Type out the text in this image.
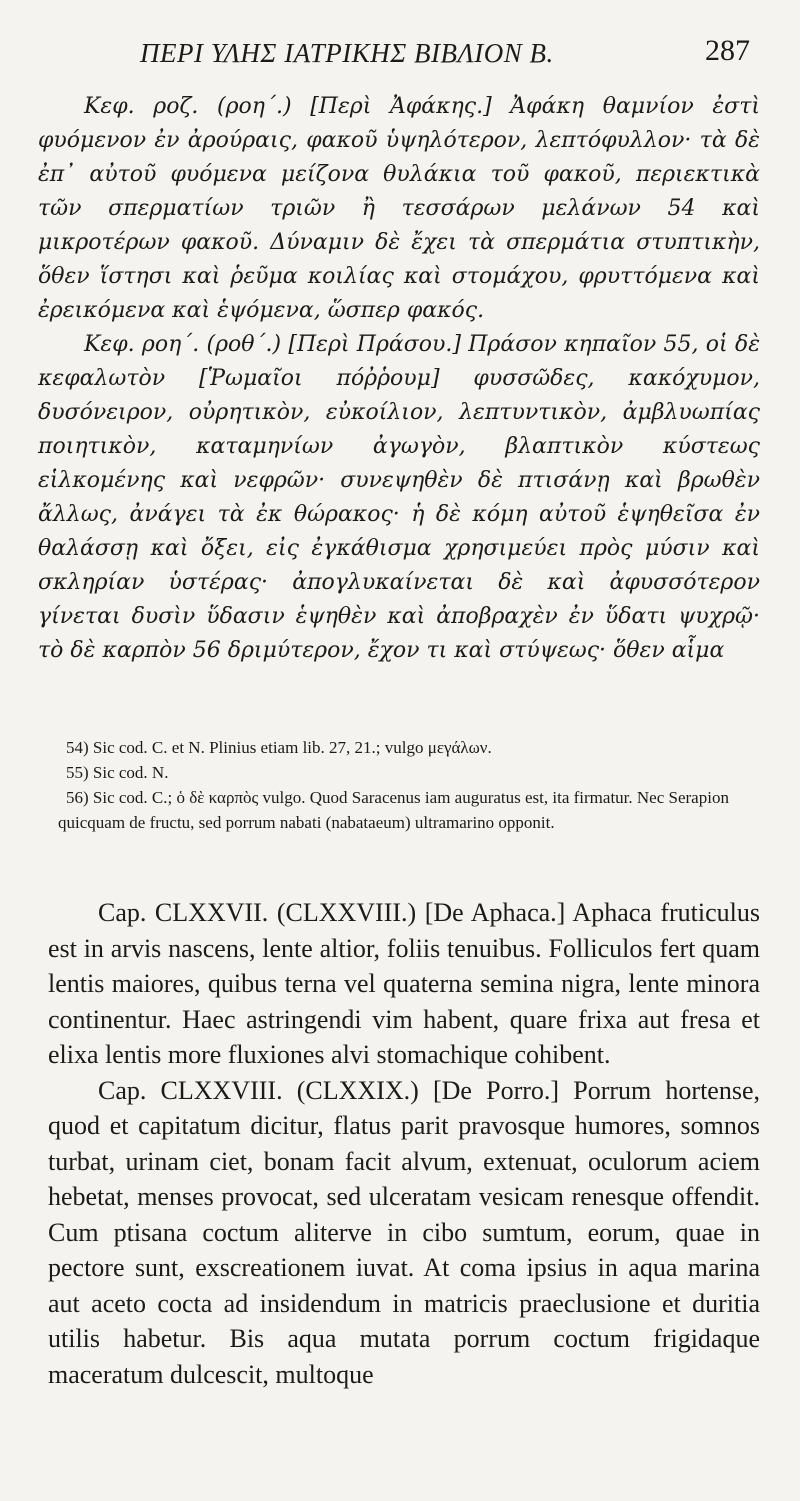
ΠΕΡΙ ΥΛΗΣ ΙΑΤΡΙΚΗΣ ΒΙΒΛΙΟΝ Β.	287

Κεφ. ροζ. (ροη΄.) [Περὶ Ἀφάκης.] Ἀφάκη θαμνίον ἐστὶ φυόμενον ἐν ἀρούραις, φακοῦ ὑψηλότερον, λεπτόφυλλον· τὰ δὲ ἐπ᾽ αὐτοῦ φυόμενα μείζονα θυλάκια τοῦ φακοῦ, περιεκτικὰ τῶν σπερματίων τριῶν ἢ τεσσάρων μελάνων 54 καὶ μικροτέρων φακοῦ. Δύναμιν δὲ ἔχει τὰ σπερμάτια στυπτικὴν, ὅθεν ἵστησι καὶ ῥεῦμα κοιλίας καὶ στομάχου, φρυττόμενα καὶ ἐρεικόμενα καὶ ἑψόμενα, ὥσπερ φακός.

Κεφ. ροη΄. (ροθ΄.) [Περὶ Πράσου.] Πράσον κηπαῖον 55, οἱ δὲ κεφαλωτὸν [Ῥωμαῖοι πόῤῥουμ] φυσσῶδες, κακόχυμον, δυσόνειρον, οὐρητικὸν, εὐκοίλιον, λεπτυντικὸν, ἀμβλυωπίας ποιητικὸν, καταμηνίων ἀγωγὸν, βλαπτικὸν κύστεως εἱλκομένης καὶ νεφρῶν· συνεψηθὲν δὲ πτισάνῃ καὶ βρωθὲν ἄλλως, ἀνάγει τὰ ἐκ θώρακος· ἡ δὲ κόμη αὐτοῦ ἑψηθεῖσα ἐν θαλάσσῃ καὶ ὄξει, εἰς ἐγκάθισμα χρησιμεύει πρὸς μύσιν καὶ σκληρίαν ὑστέρας· ἀπογλυκαίνεται δὲ καὶ ἀφυσσότερον γίνεται δυσὶν ὕδασιν ἑψηθὲν καὶ ἀποβραχὲν ἐν ὕδατι ψυχρῷ· τὸ δὲ καρπὸν 56 δριμύτερον, ἔχον τι καὶ στύψεως· ὅθεν αἷμα

54) Sic cod. C. et N. Plinius etiam lib. 27, 21.; vulgo μεγάλων.

55) Sic cod. N.

56) Sic cod. C.; ὁ δὲ καρπὸς vulgo. Quod Saracenus iam auguratus est, ita firmatur. Nec Serapion quicquam de fructu, sed porrum nabati (nabataeum) ultramarino opponit.

Cap. CLXXVII. (CLXXVIII.) [De Aphaca.] Aphaca fruticulus est in arvis nascens, lente altior, foliis tenuibus. Folliculos fert quam lentis maiores, quibus terna vel quaterna semina nigra, lente minora continentur. Haec astringendi vim habent, quare frixa aut fresa et elixa lentis more fluxiones alvi stomachique cohibent.

Cap. CLXXVIII. (CLXXIX.) [De Porro.] Porrum hortense, quod et capitatum dicitur, flatus parit pravosque humores, somnos turbat, urinam ciet, bonam facit alvum, extenuat, oculorum aciem hebetat, menses provocat, sed ulceratam vesicam renesque offendit. Cum ptisana coctum aliterve in cibo sumtum, eorum, quae in pectore sunt, exscreationem iuvat. At coma ipsius in aqua marina aut aceto cocta ad insidendum in matricis praeclusione et duritia utilis habetur. Bis aqua mutata porrum coctum frigidaque maceratum dulcescit, multoque
